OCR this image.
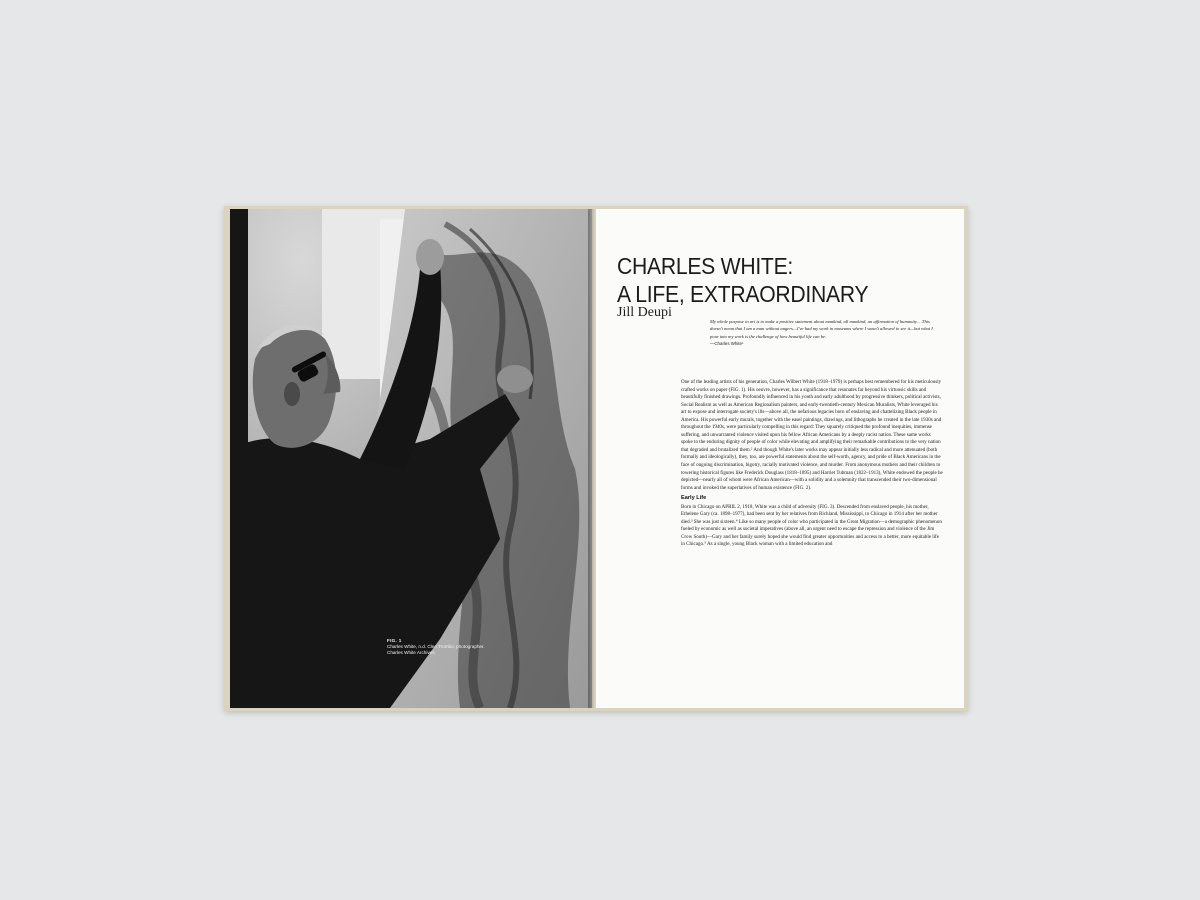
FIG. 1
Charles White, n.d. Cleo Trumbo, photographer. Charles White Archives.
CHARLES WHITE:
A LIFE, EXTRAORDINARY
Jill Deupi
My whole purpose in art is to make a positive statement about mankind, all mankind, an affirmation of humanity.…This doesn't mean that I am a man without angers—I've had my work in museums where I wasn't allowed to see it—but what I pour into my work is the challenge of how beautiful life can be.
—Charles White¹

One of the leading artists of his generation, Charles Wilbert White (1918–1979) is perhaps best remembered for his meticulously crafted works on paper (FIG. 1). His oeuvre, however, has a significance that resonates far beyond his virtuosic skills and beautifully finished drawings. Profoundly influenced in his youth and early adulthood by progressive thinkers, political activists, Social Realism as well as American Regionalism painters, and early-twentieth-century Mexican Muralists, White leveraged his art to expose and interrogate society's ills—above all, the nefarious legacies born of enslaving and chattelizing Black people in America. His powerful early murals, together with the easel paintings, drawings, and lithographs he created in the late 1930s and throughout the 1940s, were particularly compelling in this regard: They squarely critiqued the profound inequities, immense suffering, and unwarranted violence visited upon his fellow African Americans by a deeply racist nation. These same works spoke to the enduring dignity of people of color while elevating and amplifying their remarkable contributions to the very nation that degraded and brutalized them.² And though White's later works may appear initially less radical and more attenuated (both formally and ideologically), they, too, are powerful statements about the self-worth, agency, and pride of Black Americans in the face of ongoing discrimination, bigotry, racially motivated violence, and murder. From anonymous mothers and their children to towering historical figures like Frederick Douglass (1818–1895) and Harriet Tubman (1822–1913), White endowed the people he depicted—nearly all of whom were African American—with a solidity and a solemnity that transcended their two-dimensional forms and invoked the superlatives of human existence (FIG. 2).

Early Life

Born in Chicago on APRIL 2, 1918, White was a child of adversity (FIG. 3). Descended from enslaved people, his mother, Ethelene Gary (ca. 1898–1977), had been sent by her relatives from Richland, Mississippi, to Chicago in 1914 after her mother died.³ She was just sixteen.⁴ Like so many people of color who participated in the Great Migration—a demographic phenomenon fueled by economic as well as societal imperatives (above all, an urgent need to escape the repression and violence of the Jim Crow South)—Gary and her family surely hoped she would find greater opportunities and access to a better, more equitable life in Chicago.⁵ As a single, young Black woman with a limited education and
